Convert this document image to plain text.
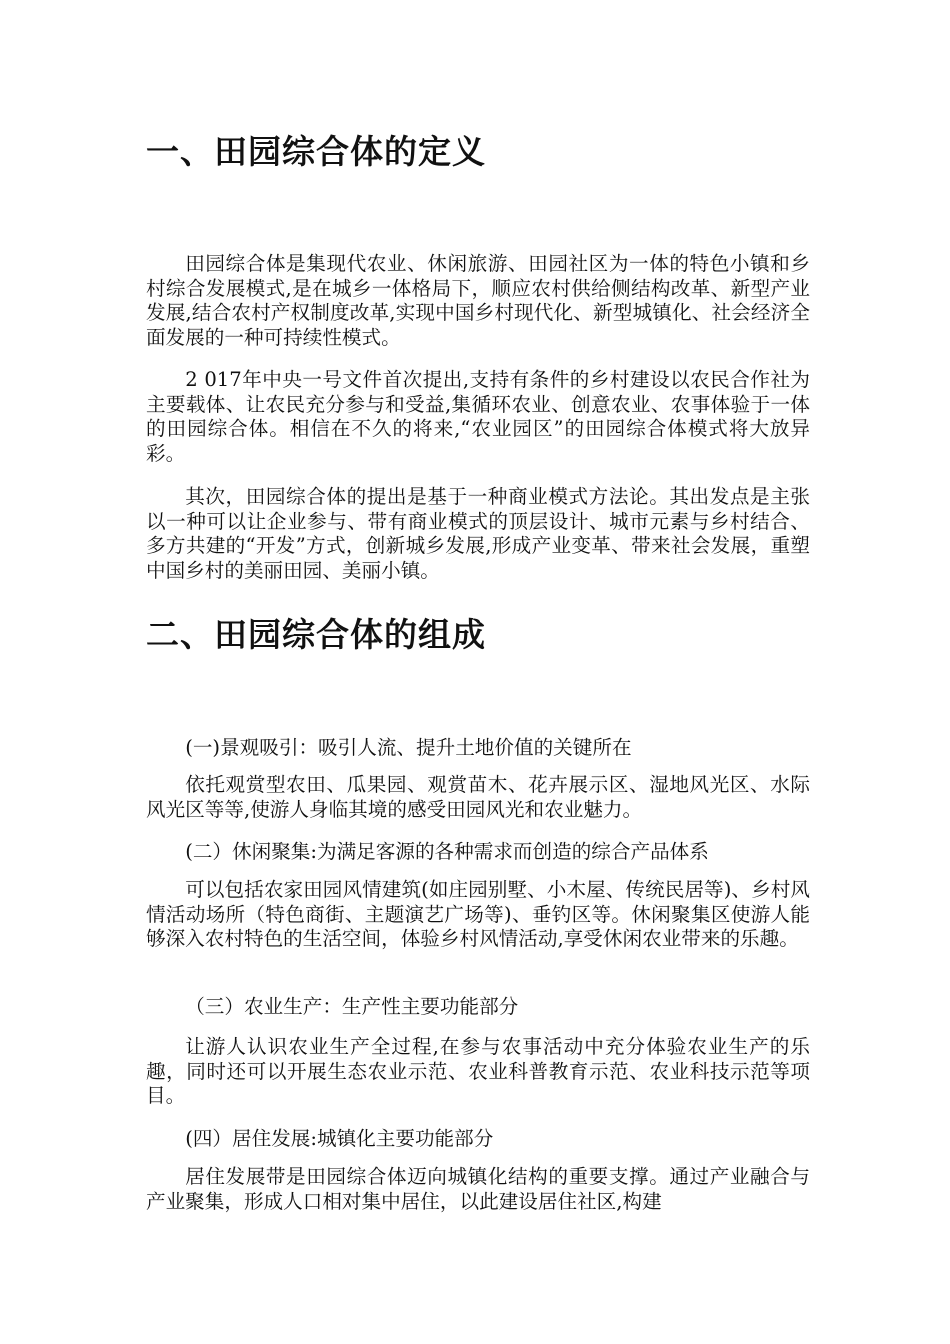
一、田园综合体的定义

田园综合体是集现代农业、休闲旅游、田园社区为一体的特色小镇和乡村综合发展模式,是在城乡一体格局下，顺应农村供给侧结构改革、新型产业发展,结合农村产权制度改革,实现中国乡村现代化、新型城镇化、社会经济全面发展的一种可持续性模式。

2 017年中央一号文件首次提出,支持有条件的乡村建设以农民合作社为主要载体、让农民充分参与和受益,集循环农业、创意农业、农事体验于一体的田园综合体。相信在不久的将来,“农业园区”的田园综合体模式将大放异彩。

其次，田园综合体的提出是基于一种商业模式方法论。其出发点是主张以一种可以让企业参与、带有商业模式的顶层设计、城市元素与乡村结合、多方共建的“开发”方式，创新城乡发展,形成产业变革、带来社会发展，重塑中国乡村的美丽田园、美丽小镇。

二、田园综合体的组成

(一)景观吸引：吸引人流、提升土地价值的关键所在

依托观赏型农田、瓜果园、观赏苗木、花卉展示区、湿地风光区、水际风光区等等,使游人身临其境的感受田园风光和农业魅力。

(二）休闲聚集:为满足客源的各种需求而创造的综合产品体系

可以包括农家田园风情建筑(如庄园别墅、小木屋、传统民居等)、乡村风情活动场所（特色商街、主题演艺广场等)、垂钓区等。休闲聚集区使游人能够深入农村特色的生活空间，体验乡村风情活动,享受休闲农业带来的乐趣。

（三）农业生产：生产性主要功能部分

让游人认识农业生产全过程,在参与农事活动中充分体验农业生产的乐趣，同时还可以开展生态农业示范、农业科普教育示范、农业科技示范等项目。

(四）居住发展:城镇化主要功能部分

居住发展带是田园综合体迈向城镇化结构的重要支撑。通过产业融合与产业聚集，形成人口相对集中居住，以此建设居住社区,构建
